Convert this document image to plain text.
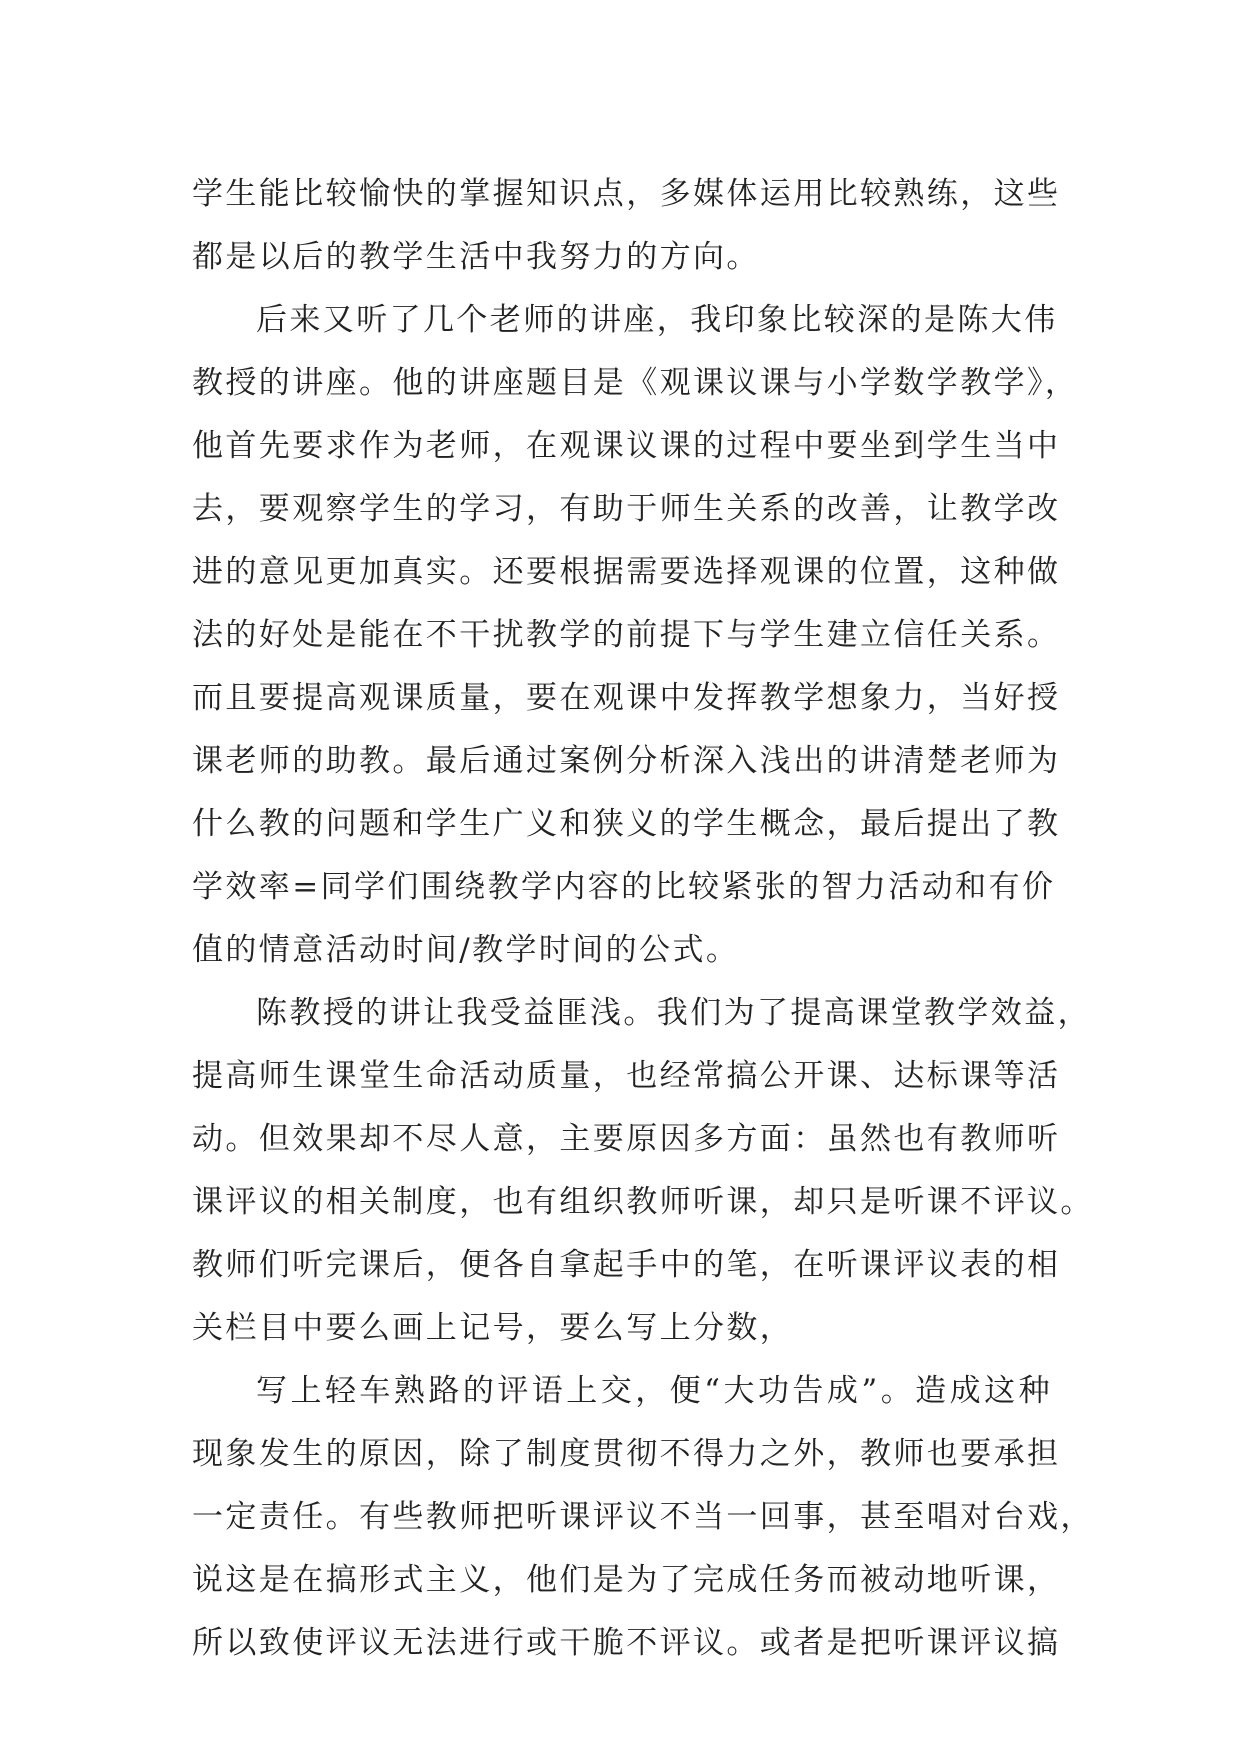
学生能比较愉快的掌握知识点，多媒体运用比较熟练，这些
都是以后的教学生活中我努力的方向。
后来又听了几个老师的讲座，我印象比较深的是陈大伟
教授的讲座。他的讲座题目是《观课议课与小学数学教学》，
他首先要求作为老师，在观课议课的过程中要坐到学生当中
去，要观察学生的学习，有助于师生关系的改善，让教学改
进的意见更加真实。还要根据需要选择观课的位置，这种做
法的好处是能在不干扰教学的前提下与学生建立信任关系。
而且要提高观课质量，要在观课中发挥教学想象力，当好授
课老师的助教。最后通过案例分析深入浅出的讲清楚老师为
什么教的问题和学生广义和狭义的学生概念，最后提出了教
学效率=同学们围绕教学内容的比较紧张的智力活动和有价
值的情意活动时间/教学时间的公式。
陈教授的讲让我受益匪浅。我们为了提高课堂教学效益，
提高师生课堂生命活动质量，也经常搞公开课、达标课等活
动。但效果却不尽人意，主要原因多方面：虽然也有教师听
课评议的相关制度，也有组织教师听课，却只是听课不评议。
教师们听完课后，便各自拿起手中的笔，在听课评议表的相
关栏目中要么画上记号，要么写上分数，
写上轻车熟路的评语上交，便“大功告成”。造成这种
现象发生的原因，除了制度贯彻不得力之外，教师也要承担
一定责任。有些教师把听课评议不当一回事，甚至唱对台戏，
说这是在搞形式主义，他们是为了完成任务而被动地听课，
所以致使评议无法进行或干脆不评议。或者是把听课评议搞
